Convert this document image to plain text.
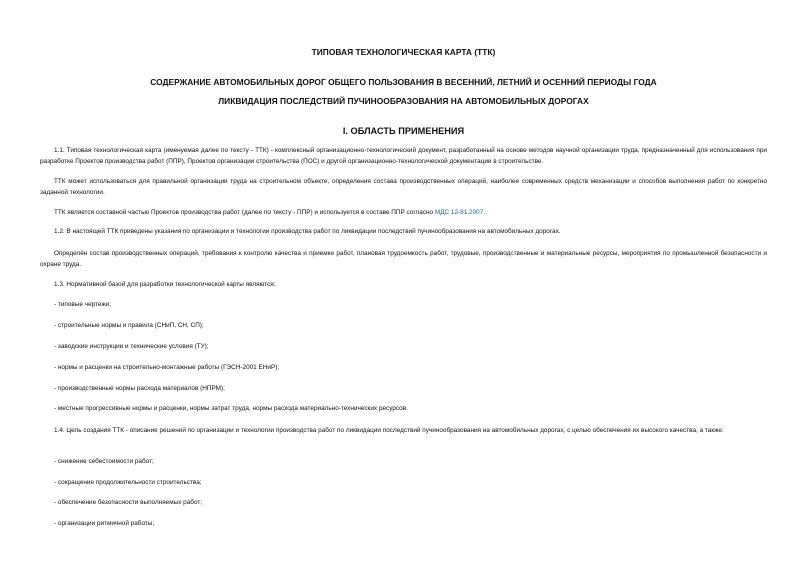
ТИПОВАЯ ТЕХНОЛОГИЧЕСКАЯ КАРТА (ТТК)
СОДЕРЖАНИЕ АВТОМОБИЛЬНЫХ ДОРОГ ОБЩЕГО ПОЛЬЗОВАНИЯ В ВЕСЕННИЙ, ЛЕТНИЙ И ОСЕННИЙ ПЕРИОДЫ ГОДА
ЛИКВИДАЦИЯ ПОСЛЕДСТВИЙ ПУЧИНООБРАЗОВАНИЯ НА АВТОМОБИЛЬНЫХ ДОРОГАХ
I. ОБЛАСТЬ ПРИМЕНЕНИЯ

1.1. Типовая технологическая карта (именуемая далее по тексту - ТТК) - комплексный организационно-технологический документ, разработанный на основе методов научной организации труда, предназначенный для использования при разработке Проектов производства работ (ППР), Проектов организации строительства (ПОС) и другой организационно-технологической документации в строительстве.

ТТК может использоваться для правильной организации труда на строительном объекте, определения состава производственных операций, наиболее современных средств механизации и способов выполнения работ по конкретно заданной технологии.

ТТК является составной частью Проектов производства работ (далее по тексту - ППР) и используется в составе ППР согласно МДС 12-81.2007.

1.2. В настоящей ТТК приведены указания по организации и технологии производства работ по ликвидации последствий пучинообразования на автомобильных дорогах.

Определён состав производственных операций, требования к контролю качества и приемке работ, плановая трудоемкость работ, трудовые, производственные и материальные ресурсы, мероприятия по промышленной безопасности и охране труда.

1.3. Нормативной базой для разработки технологической карты являются:

- типовые чертежи;

- строительные нормы и правила (СНиП, СН, СП);

- заводские инструкции и технические условия (ТУ);

- нормы и расценки на строительно-монтажные работы (ГЭСН-2001 ЕНиР);

- производственные нормы расхода материалов (НПРМ);

- местные прогрессивные нормы и расценки, нормы затрат труда, нормы расхода материально-технических ресурсов.

1.4. Цель создания ТТК - описание решений по организации и технологии производства работ по ликвидации последствий пучинообразования на автомобильных дорогах, с целью обеспечения их высокого качества, а также:

- снижение себестоимости работ;

- сокращение продолжительности строительства;

- обеспечение безопасности выполняемых работ;

- организации ритмичной работы;
